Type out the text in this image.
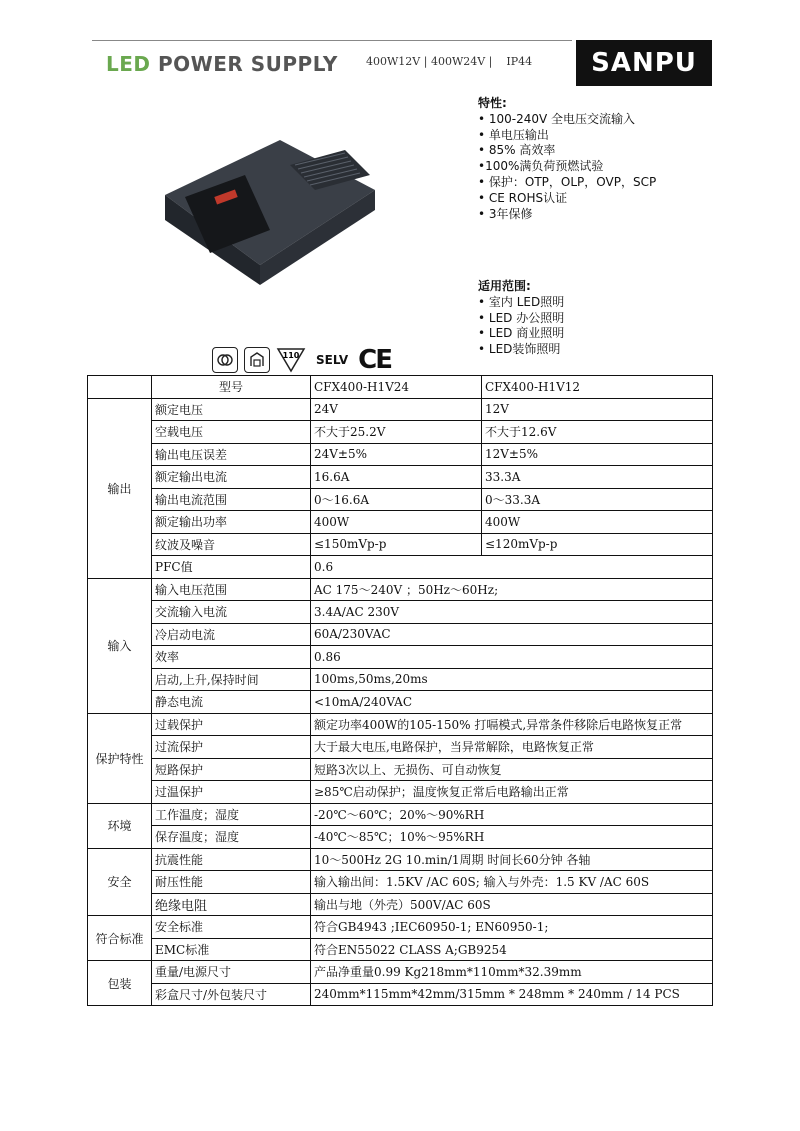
LED POWER SUPPLY	400W12V | 400W24V |    IP44	SANPU
特性:
• 100-240V 全电压交流输入
• 单电压输出
• 85% 高效率
•100%满负荷预燃试验
• 保护：OTP，OLP，OVP，SCP
• CE ROHS认证
• 3年保修
适用范围:
• 室内 LED照明
• LED 办公照明
• LED 商业照明
• LED装饰照明
110 SELV CE
	型号	CFX400-H1V24	CFX400-H1V12
输出	额定电压	24V	12V
	空载电压	不大于25.2V	不大于12.6V
	输出电压误差	24V±5%	12V±5%
	额定输出电流	16.6A	33.3A
	输出电流范围	0～16.6A	0～33.3A
	额定输出功率	400W	400W
	纹波及噪音	≤150mVp-p	≤120mVp-p
	PFC值	0.6	
输入	输入电压范围	AC 175～240V ；50Hz～60Hz;	
	交流输入电流	3.4A/AC 230V	
	冷启动电流	60A/230VAC	
	效率	0.86	
	启动,上升,保持时间	100ms,50ms,20ms	
	静态电流	<10mA/240VAC	
保护特性	过载保护	额定功率400W的105-150% 打嗝模式,异常条件移除后电路恢复正常	
	过流保护	大于最大电压,电路保护，当异常解除，电路恢复正常	
	短路保护	短路3次以上、无损伤、可自动恢复	
	过温保护	≥85℃启动保护；温度恢复正常后电路输出正常	
环境	工作温度；湿度	-20℃～60℃；20%～90%RH	
	保存温度；湿度	-40℃～85℃；10%～95%RH	
安全	抗震性能	10～500Hz 2G 10.min/1周期 时间长60分钟 各轴	
	耐压性能	输入输出间：1.5KV /AC 60S; 输入与外壳：1.5 KV /AC 60S	
	绝缘电阻	输出与地（外壳）500V/AC 60S	
符合标准	安全标准	符合GB4943 ;IEC60950-1; EN60950-1;	
	EMC标准	符合EN55022 CLASS A;GB9254	
包装	重量/电源尺寸	产品净重量0.99 Kg218mm*110mm*32.39mm	
	彩盒尺寸/外包装尺寸	240mm*115mm*42mm/315mm * 248mm * 240mm / 14 PCS	
